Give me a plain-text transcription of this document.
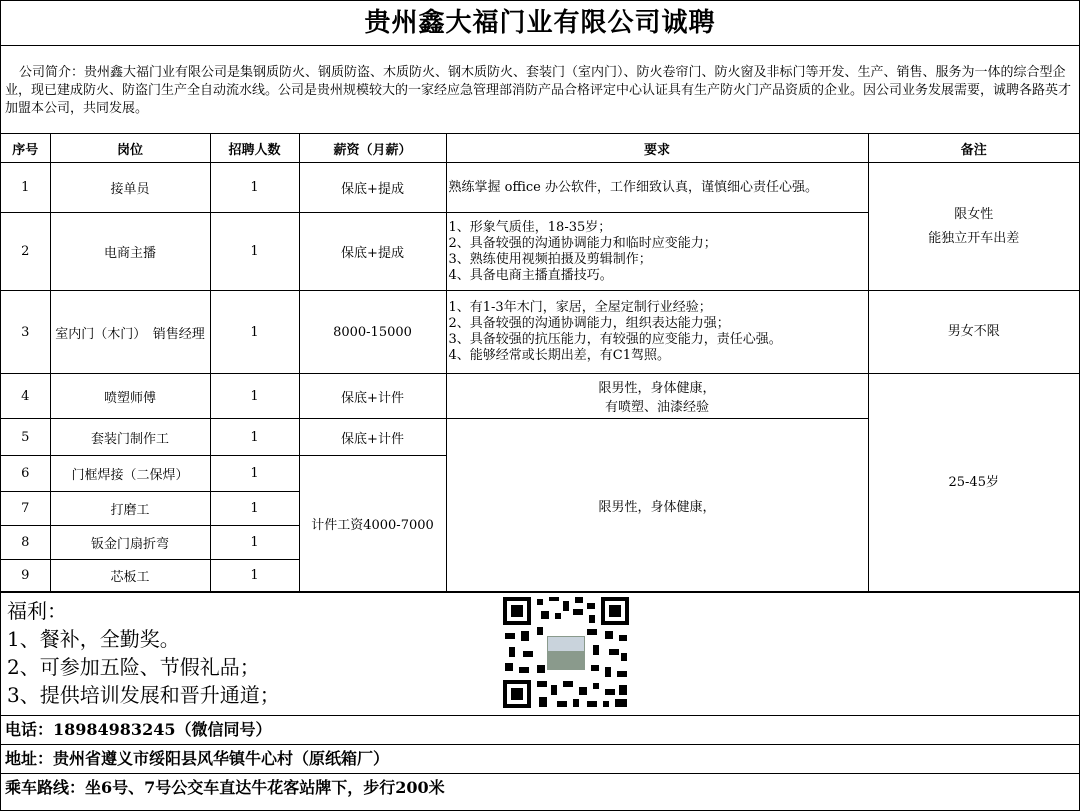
贵州鑫大福门业有限公司诚聘
公司简介：贵州鑫大福门业有限公司是集钢质防火、钢质防盗、木质防火、钢木质防火、套装门（室内门）、防火卷帘门、防火窗及非标门等开发、生产、销售、服务为一体的综合型企业，现已建成防火、防盗门生产全自动流水线。公司是贵州规模较大的一家经应急管理部消防产品合格评定中心认证具有生产防火门产品资质的企业。因公司业务发展需要，诚聘各路英才加盟本公司，共同发展。
序号	岗位	招聘人数	薪资（月薪）	要求	备注
1	接单员	1	保底+提成	熟练掌握 office 办公软件，工作细致认真，谨慎细心责任心强。	限女性
能独立开车出差

2	电商主播	1	保底+提成	1、形象气质佳，18-35岁；
2、具备较强的沟通协调能力和临时应变能力；
3、熟练使用视频拍摄及剪辑制作；
4、具备电商主播直播技巧。	

3	室内门（木门）　销售经理	1	8000-15000	1、有1-3年木门，家居，全屋定制行业经验；
2、具备较强的沟通协调能力，组织表达能力强；
3、具备较强的抗压能力，有较强的应变能力，责任心强。
4、能够经常或长期出差，有C1驾照。	男女不限
4	喷塑师傅	1	保底+计件	限男性，身体健康，
有喷塑、油漆经验	25-45岁
5	套装门制作工	1	保底+计件	限男性，身体健康，	
6	门框焊接（二保焊）	1	计件工资4000-7000		
7	打磨工	1			
8	钣金门扇折弯	1			
9	芯板工	1			
福利：
1、餐补，全勤奖。
2、可参加五险、节假礼品；
3、提供培训发展和晋升通道；
电话：18984983245（微信同号）
地址：贵州省遵义市绥阳县风华镇牛心村（原纸箱厂）
乘车路线：坐6号、7号公交车直达牛花客站牌下，步行200米
